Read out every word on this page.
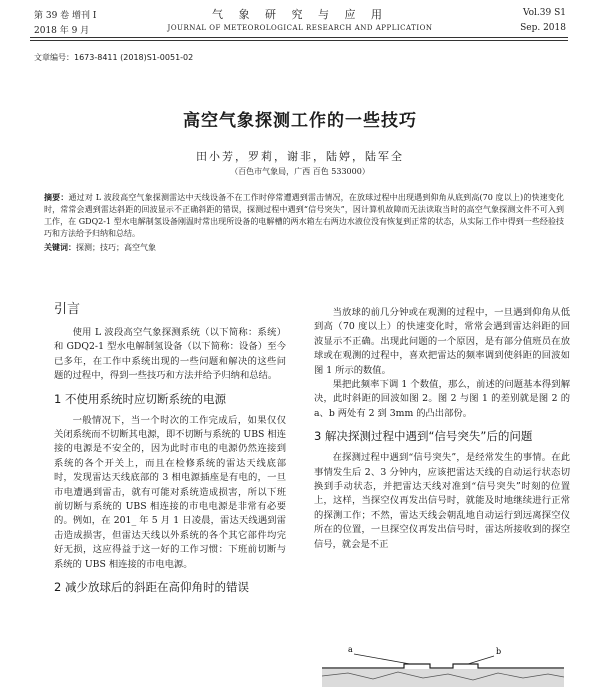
第 39 卷 增刊 I
2018 年 9 月
气 象 研 究 与 应 用
JOURNAL OF METEOROLOGICAL RESEARCH AND APPLICATION
Vol.39 S1
Sep. 2018
文章编号：1673-8411 (2018)S1-0051-02
高空气象探测工作的一些技巧
田小芳，罗莉，谢非，陆婷，陆军全
（百色市气象局，广西 百色 533000）
摘要：通过对 L 波段高空气象探测雷达中天线设备不在工作时停常遭遇到雷击情况，在放球过程中出现遇到仰角从底到高(70 度以上)的快速变化时，常常会遇到雷达斜距的回波显示不正确斜距的错误，探测过程中遇到“信号突失”，因计算机故障而无法读取当时的高空气象探测文件不可入到工作，在 GDQ2-1 型水电解制氢设备刚温时常出现所设备的电解槽的两水箱左右两边水液位没有恢复到正常的状态，从实际工作中得到一些经验技巧和方法给予归纳和总结。
关键词：探测；技巧；高空气象
引言

使用 L 波段高空气象探测系统（以下简称：系统）和 GDQ2-1 型水电解制氢设备（以下简称：设备）至今已多年，在工作中系统出现的一些问题和解决的这些问题的过程中，得到一些技巧和方法并给予归纳和总结。

1 不使用系统时应切断系统的电源

一般情况下，当一个时次的工作完成后，如果仅仅关闭系统而不切断其电源，即不切断与系统的 UBS 相连接的电源是不安全的，因为此时市电的电源仍然连接到系统的各个开关上，而且在检修系统的雷达天线底部时，发现雷达天线底部的 3 相电源插座是有电的，一旦市电遭遇到雷击，就有可能对系统造成损害，所以下班前切断与系统的 UBS 相连接的市电电源是非常有必要的。例如，在 201_ 年 5 月 1 日凌晨，雷达天线遇到雷击造成损害，但雷达天线以外系统的各个其它部件均完好无损，这应得益于这一好的工作习惯：下班前切断与系统的 UBS 相连接的市电电源。

2 减少放球后的斜距在高仰角时的错误

当放球的前几分钟或在观测的过程中，一旦遇到仰角从低到高（70 度以上）的快速变化时，常常会遇到雷达斜距的回波显示不正确。出现此问题的一个原因，是有部分值班员在放球或在观测的过程中，喜欢把雷达的频率调到使斜距的回波如图 1 所示的数值。

果把此频率下调 1 个数值，那么，前述的问题基本得到解决，此时斜距的回波如图 2。图 2 与图 1 的差别就是图 2 的 a、b 两处有 2 到 3mm 的凸出部份。

3 解决探测过程中遇到“信号突失”后的问题

在探测过程中遇到“信号突失”，是经常发生的事情。在此事情发生后 2、3 分钟内，应该把雷达天线的自动运行状态切换到手动状态，并把雷达天线对准到“信号突失”时刻的位置上，这样，当探空仪再发出信号时，就能及时地继续进行正常的探测工作；不然，雷达天线会朝乱地自动运行到远离探空仪所在的位置，一旦探空仪再发出信号时，雷达所接收到的探空信号，就会是不正

a	b
